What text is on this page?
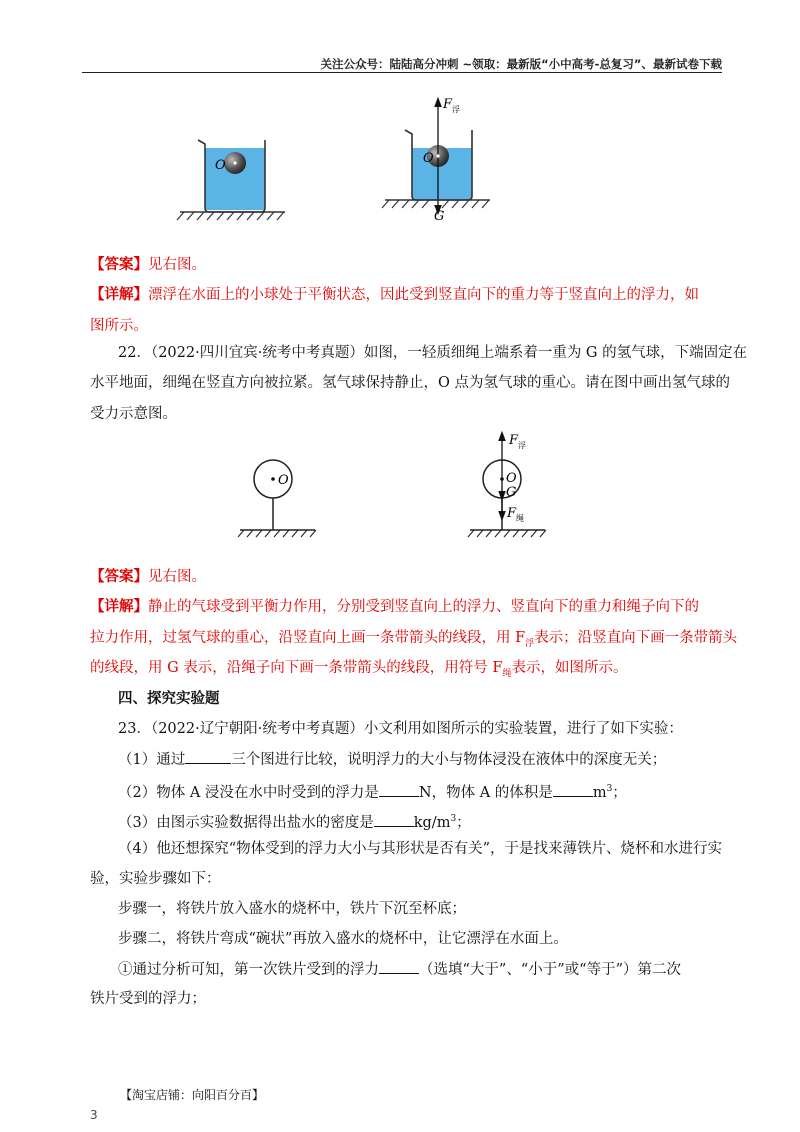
关注公众号：陆陆高分冲刺 ~领取：最新版“小中高考-总复习”、最新试卷下载
O	O
F 浮
G
【答案】见右图。
【详解】漂浮在水面上的小球处于平衡状态，因此受到竖直向下的重力等于竖直向上的浮力，如
图所示。
22．（2022·四川宜宾·统考中考真题）如图，一轻质细绳上端系着一重为 G 的氢气球，下端固定在
水平地面，细绳在竖直方向被拉紧。氢气球保持静止，O 点为氢气球的重心。请在图中画出氢气球的
受力示意图。
O
F 浮
O
G
F 绳
【答案】见右图。
【详解】静止的气球受到平衡力作用，分别受到竖直向上的浮力、竖直向下的重力和绳子向下的
拉力作用，过氢气球的重心，沿竖直向上画一条带箭头的线段，用 $F_浮$表示；沿竖直向下画一条带箭头
的线段，用 G 表示，沿绳子向下画一条带箭头的线段，用符号 $F_绳$表示，如图所示。
四、探究实验题
23．（2022·辽宁朝阳·统考中考真题）小文利用如图所示的实验装置，进行了如下实验：
（1）通过	三个图进行比较，说明浮力的大小与物体浸没在液体中的深度无关；
（2）物体 A 浸没在水中时受到的浮力是	N，物体 A 的体积是	$m^3$；
（3）由图示实验数据得出盐水的密度是	$kg/m^3$；
（4）他还想探究“物体受到的浮力大小与其形状是否有关”，于是找来薄铁片、烧杯和水进行实
验，实验步骤如下：
步骤一，将铁片放入盛水的烧杯中，铁片下沉至杯底；
步骤二，将铁片弯成“碗状”再放入盛水的烧杯中，让它漂浮在水面上。
①通过分析可知，第一次铁片受到的浮力	（选填“大于”、“小于”或“等于”）第二次
铁片受到的浮力；
【淘宝店铺：向阳百分百】
3
